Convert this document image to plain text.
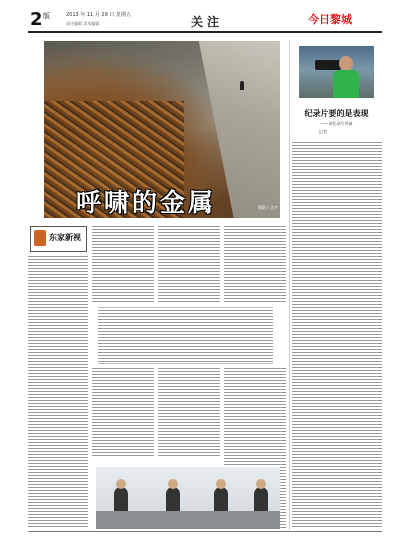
2 版	2013 年 11 月 29 日 星期五
责任编辑 美术编辑	关注	今日黎城
呼啸的金属	摄影 / 文字
纪录片要的是表现
——访纪录片导演
记者
东家新视
